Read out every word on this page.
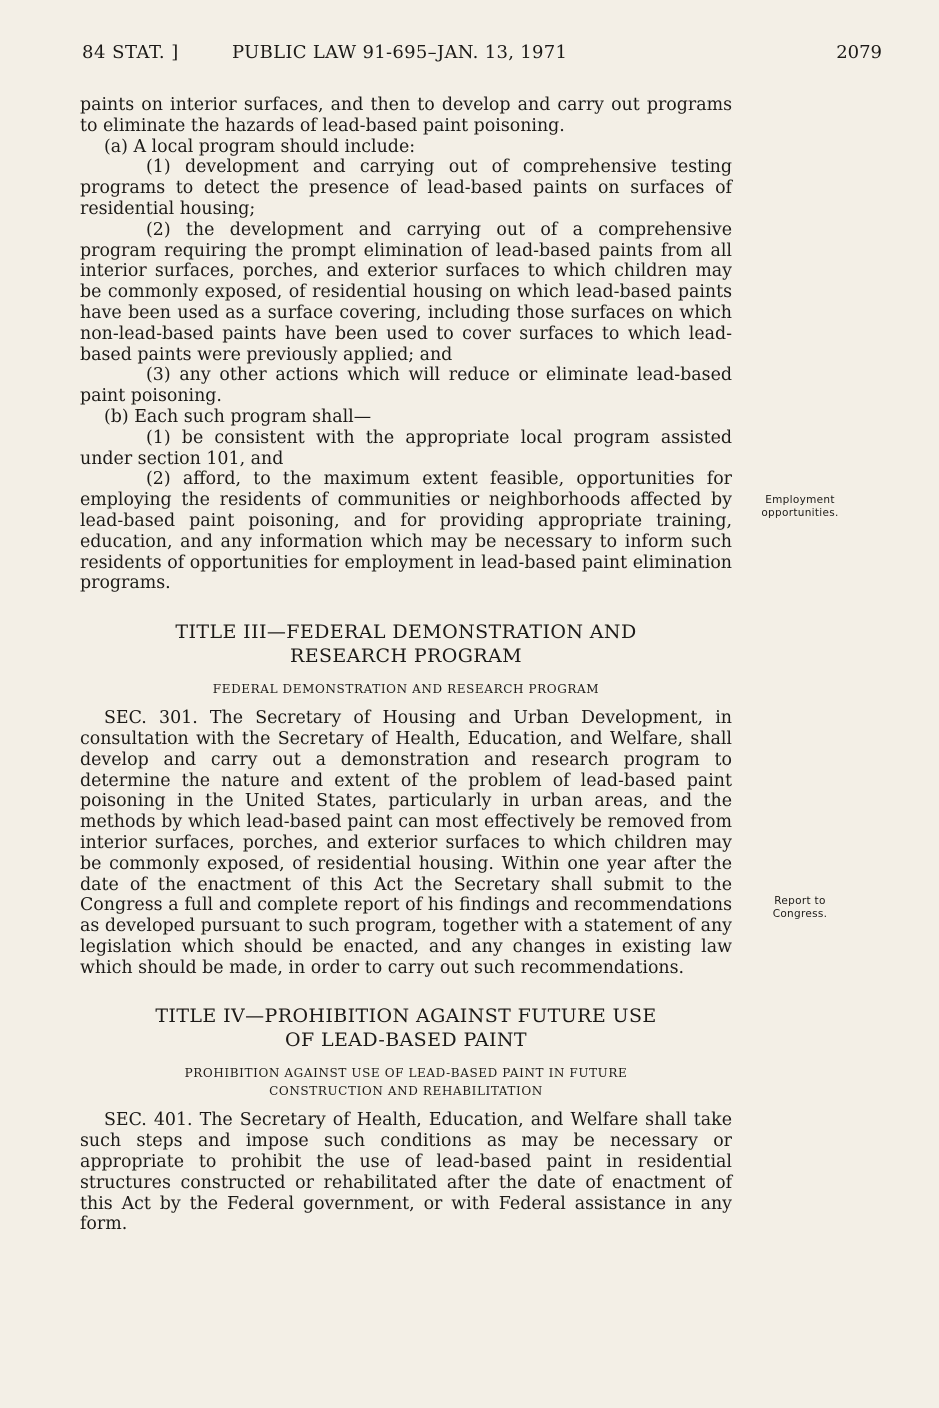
84 STAT. ]	PUBLIC LAW 91-695–JAN. 13, 1971	2079

paints on interior surfaces, and then to develop and carry out programs to eliminate the hazards of lead-based paint poisoning.

(a) A local program should include:

(1) development and carrying out of comprehensive testing programs to detect the presence of lead-based paints on surfaces of residential housing;

(2) the development and carrying out of a comprehensive program requiring the prompt elimination of lead-based paints from all interior surfaces, porches, and exterior surfaces to which children may be commonly exposed, of residential housing on which lead-based paints have been used as a surface covering, including those surfaces on which non-lead-based paints have been used to cover surfaces to which lead-based paints were previously applied; and

(3) any other actions which will reduce or eliminate lead-based paint poisoning.

(b) Each such program shall—

(1) be consistent with the appropriate local program assisted under section 101, and

(2) afford, to the maximum extent feasible, opportunities for employing the residents of communities or neighborhoods affected by lead-based paint poisoning, and for providing appropriate training, education, and any information which may be necessary to inform such residents of opportunities for employment in lead-based paint elimination programs.

TITLE III—FEDERAL DEMONSTRATION AND
RESEARCH PROGRAM
FEDERAL DEMONSTRATION AND RESEARCH PROGRAM

SEC. 301. The Secretary of Housing and Urban Development, in consultation with the Secretary of Health, Education, and Welfare, shall develop and carry out a demonstration and research program to determine the nature and extent of the problem of lead-based paint poisoning in the United States, particularly in urban areas, and the methods by which lead-based paint can most effectively be removed from interior surfaces, porches, and exterior surfaces to which children may be commonly exposed, of residential housing. Within one year after the date of the enactment of this Act the Secretary shall submit to the Congress a full and complete report of his findings and recommendations as developed pursuant to such program, together with a statement of any legislation which should be enacted, and any changes in existing law which should be made, in order to carry out such recommendations.

TITLE IV—PROHIBITION AGAINST FUTURE USE
OF LEAD-BASED PAINT
PROHIBITION AGAINST USE OF LEAD-BASED PAINT IN FUTURE
CONSTRUCTION AND REHABILITATION

SEC. 401. The Secretary of Health, Education, and Welfare shall take such steps and impose such conditions as may be necessary or appropriate to prohibit the use of lead-based paint in residential structures constructed or rehabilitated after the date of enactment of this Act by the Federal government, or with Federal assistance in any form.

Employment
opportunities.
Report to
Congress.
